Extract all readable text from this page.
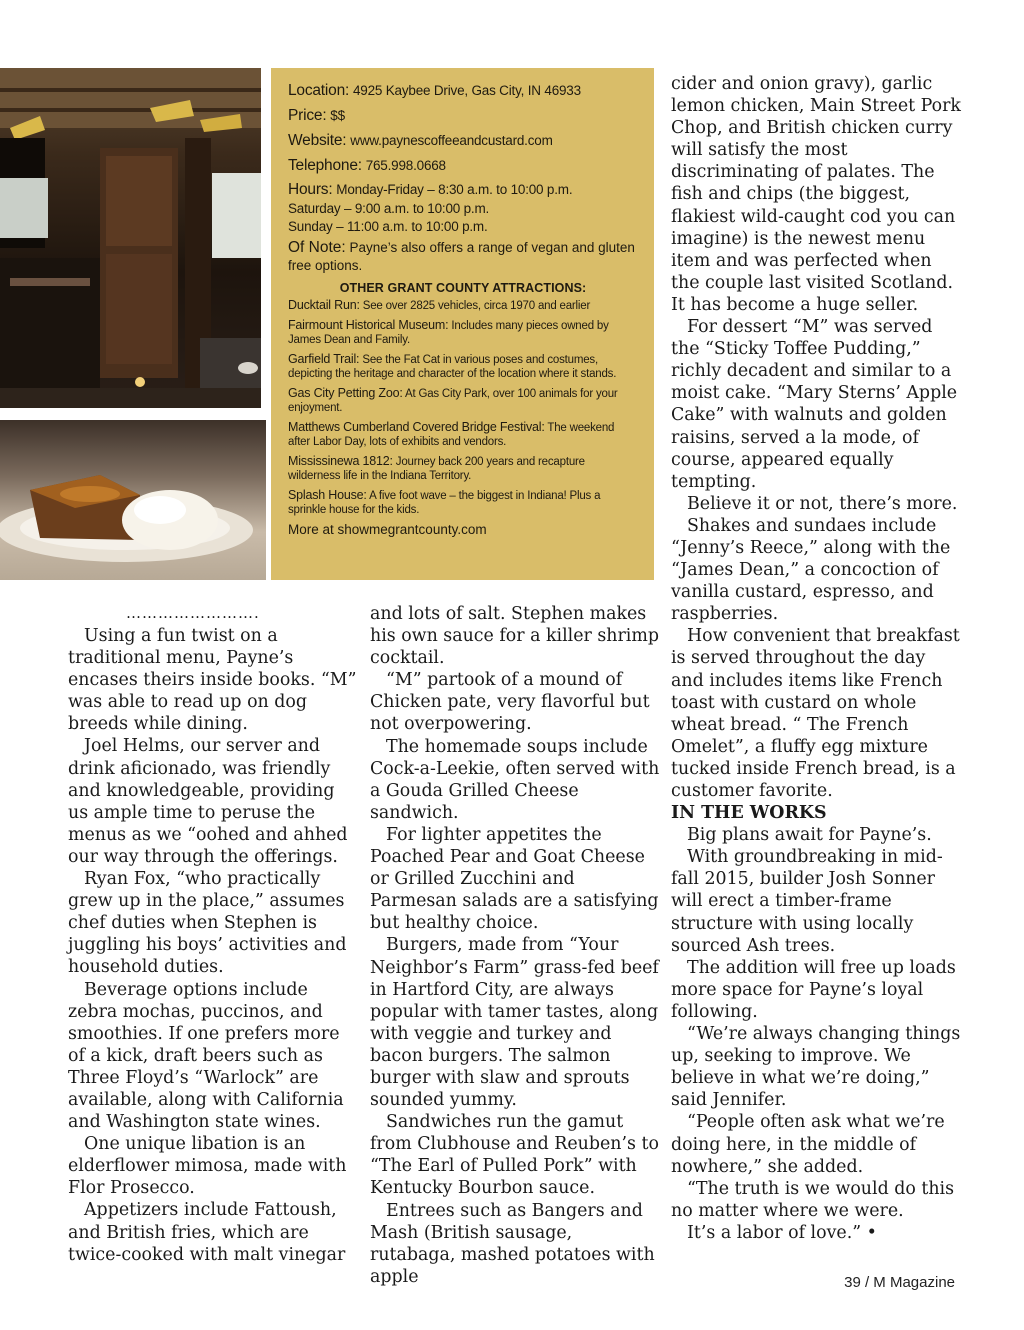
Location: 4925 Kaybee Drive, Gas City, IN 46933
Price: $$
Website: www.paynescoffeeandcustard.com
Telephone: 765.998.0668
Hours: Monday-Friday – 8:30 a.m. to 10:00 p.m.
Saturday – 9:00 a.m. to 10:00 p.m.
Sunday – 11:00 a.m. to 10:00 p.m.
Of Note: Payne’s also offers a range of vegan and gluten free options.
OTHER GRANT COUNTY ATTRACTIONS:
Ducktail Run: See over 2825 vehicles, circa 1970 and earlier
Fairmount Historical Museum: Includes many pieces owned by James Dean and Family.
Garfield Trail: See the Fat Cat in various poses and costumes, depicting the heritage and character of the location where it stands.
Gas City Petting Zoo: At Gas City Park, over 100 animals for your enjoyment.
Matthews Cumberland Covered Bridge Festival: The weekend after Labor Day, lots of exhibits and vendors.
Mississinewa 1812: Journey back 200 years and recapture wilderness life in the Indiana Territory.
Splash House: A five foot wave – the biggest in Indiana! Plus a sprinkle house for the kids.
More at showmegrantcounty.com
…………………….

Using a fun twist on a traditional menu, Payne’s encases theirs inside books. “M” was able to read up on dog breeds while dining.

Joel Helms, our server and drink aficionado, was friendly and knowledgeable, providing us ample time to peruse the menus as we “oohed and ahhed our way through the offerings.

Ryan Fox, “who practically grew up in the place,” assumes chef duties when Stephen is juggling his boys’ activities and household duties.

Beverage options include zebra mochas, puccinos, and smoothies. If one prefers more of a kick, draft beers such as Three Floyd’s “Warlock” are available, along with California and Washington state wines.

One unique libation is an elderflower mimosa, made with Flor Prosecco.

Appetizers include Fattoush, and British fries, which are twice-cooked with malt vinegar

and lots of salt. Stephen makes his own sauce for a killer shrimp cocktail.

“M” partook of a mound of Chicken pate, very flavorful but not overpowering.

The homemade soups include Cock-a-Leekie, often served with a Gouda Grilled Cheese sandwich.

For lighter appetites the Poached Pear and Goat Cheese or Grilled Zucchini and Parmesan salads are a satisfying but healthy choice.

Burgers, made from “Your Neighbor’s Farm” grass-fed beef in Hartford City, are always popular with tamer tastes, along with veggie and turkey and bacon burgers. The salmon burger with slaw and sprouts sounded yummy.

Sandwiches run the gamut from Clubhouse and Reuben’s to “The Earl of Pulled Pork” with Kentucky Bourbon sauce.

Entrees such as Bangers and Mash (British sausage, rutabaga, mashed potatoes with apple

cider and onion gravy), garlic lemon chicken, Main Street Pork Chop, and British chicken curry will satisfy the most discriminating of palates. The fish and chips (the biggest, flakiest wild-caught cod you can imagine) is the newest menu item and was perfected when the couple last visited Scotland. It has become a huge seller.

For dessert “M” was served the “Sticky Toffee Pudding,” richly decadent and similar to a moist cake. “Mary Sterns’ Apple Cake” with walnuts and golden raisins, served a la mode, of course, appeared equally tempting.

Believe it or not, there’s more.

Shakes and sundaes include “Jenny’s Reece,” along with the “James Dean,” a concoction of vanilla custard, espresso, and raspberries.

How convenient that breakfast is served throughout the day and includes items like French toast with custard on whole wheat bread. “ The French Omelet”, a fluffy egg mixture tucked inside French bread, is a customer favorite.

IN THE WORKS

Big plans await for Payne’s.

With groundbreaking in mid-fall 2015, builder Josh Sonner will erect a timber-frame structure with using locally sourced Ash trees.

The addition will free up loads more space for Payne’s loyal following.

“We’re always changing things up, seeking to improve. We believe in what we’re doing,” said Jennifer.

“People often ask what we’re doing here, in the middle of nowhere,” she added.

“The truth is we would do this no matter where we were.

It’s a labor of love.” •

39 / M Magazine
